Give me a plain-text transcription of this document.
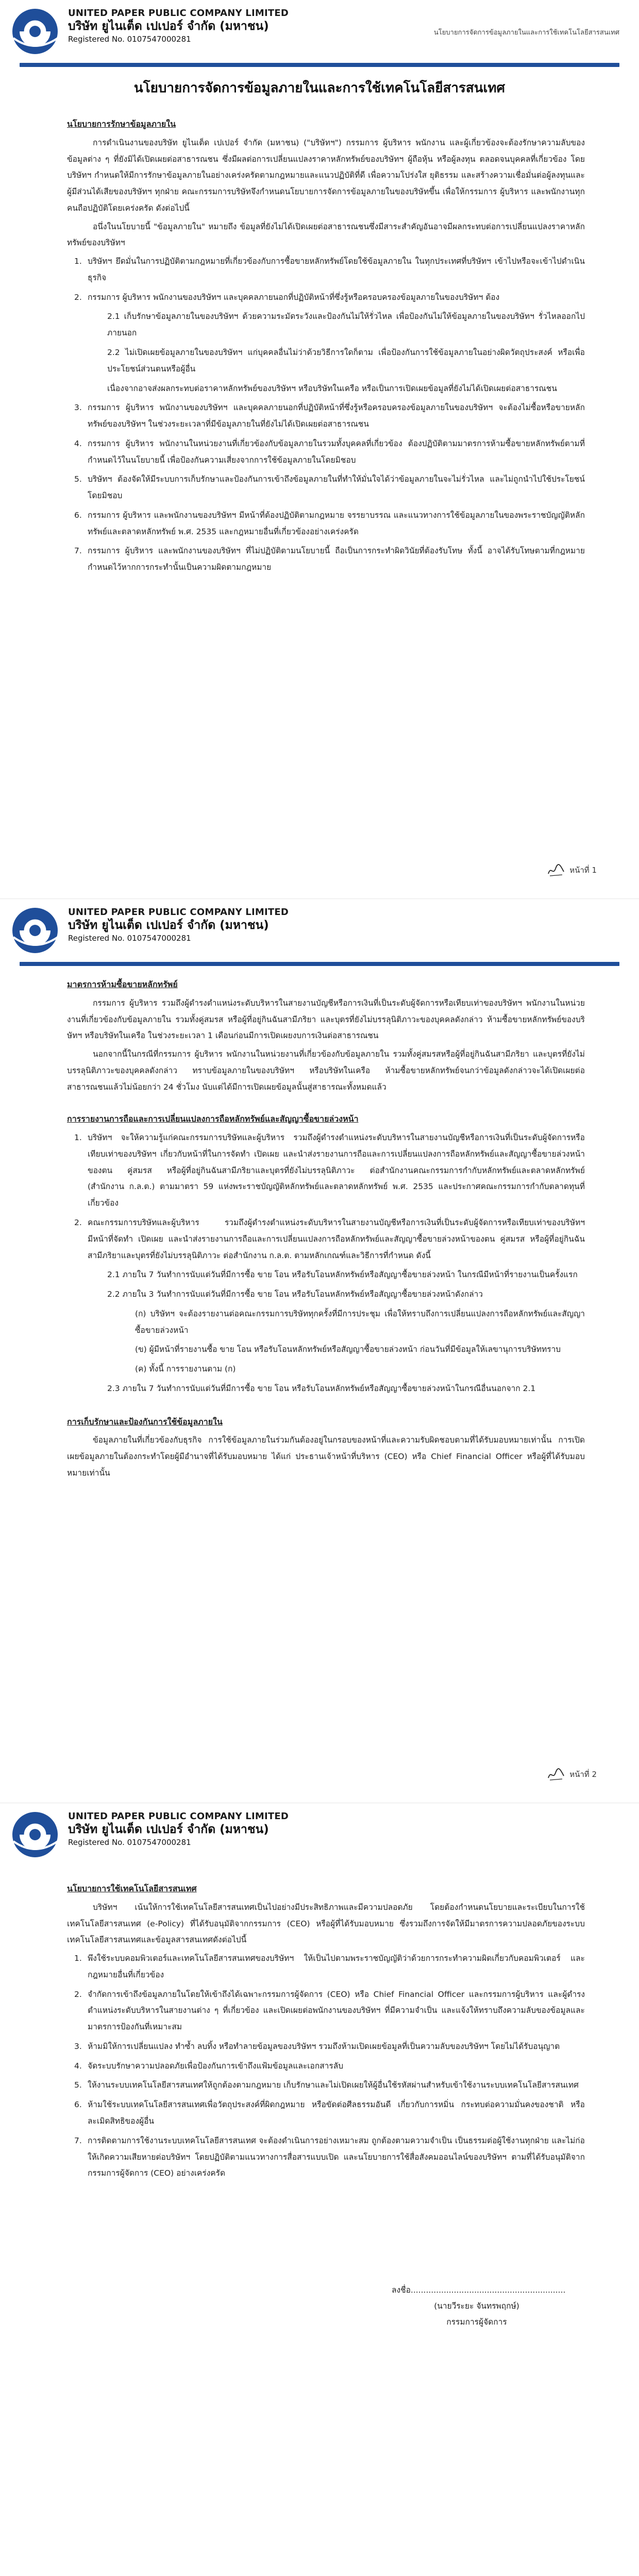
UNITED PAPER PUBLIC COMPANY LIMITED
บริษัท ยูไนเต็ด เปเปอร์ จำกัด (มหาชน)
Registered No. 0107547000281
นโยบายการจัดการข้อมูลภายในและการใช้เทคโนโลยีสารสนเทศ
นโยบายการจัดการข้อมูลภายในและการใช้เทคโนโลยีสารสนเทศ
นโยบายการรักษาข้อมูลภายใน

การดำเนินงานของบริษัท ยูไนเต็ด เปเปอร์ จำกัด (มหาชน) ("บริษัทฯ") กรรมการ ผู้บริหาร พนักงาน และผู้เกี่ยวข้องจะต้องรักษาความลับของข้อมูลต่าง ๆ ที่ยังมิได้เปิดเผยต่อสาธารณชน ซึ่งมีผลต่อการเปลี่ยนแปลงราคาหลักทรัพย์ของบริษัทฯ ผู้ถือหุ้น หรือผู้ลงทุน ตลอดจนบุคคลที่เกี่ยวข้อง โดยบริษัทฯ กำหนดให้มีการรักษาข้อมูลภายในอย่างเคร่งครัดตามกฎหมายและแนวปฏิบัติที่ดี เพื่อความโปร่งใส ยุติธรรม และสร้างความเชื่อมั่นต่อผู้ลงทุนและผู้มีส่วนได้เสียของบริษัทฯ ทุกฝ่าย คณะกรรมการบริษัทจึงกำหนดนโยบายการจัดการข้อมูลภายในของบริษัทขึ้น เพื่อให้กรรมการ ผู้บริหาร และพนักงานทุกคนถือปฏิบัติโดยเคร่งครัด ดังต่อไปนี้

อนึ่งในนโยบายนี้ "ข้อมูลภายใน" หมายถึง ข้อมูลที่ยังไม่ได้เปิดเผยต่อสาธารณชนซึ่งมีสาระสำคัญอันอาจมีผลกระทบต่อการเปลี่ยนแปลงราคาหลักทรัพย์ของบริษัทฯ

1. บริษัทฯ ยึดมั่นในการปฏิบัติตามกฎหมายที่เกี่ยวข้องกับการซื้อขายหลักทรัพย์โดยใช้ข้อมูลภายใน ในทุกประเทศที่บริษัทฯ เข้าไปหรือจะเข้าไปดำเนินธุรกิจ
2. กรรมการ ผู้บริหาร พนักงานของบริษัทฯ และบุคคลภายนอกที่ปฏิบัติหน้าที่ซึ่งรู้หรือครอบครองข้อมูลภายในของบริษัทฯ ต้อง

2.1 เก็บรักษาข้อมูลภายในของบริษัทฯ ด้วยความระมัดระวังและป้องกันไม่ให้รั่วไหล เพื่อป้องกันไม่ให้ข้อมูลภายในของบริษัทฯ รั่วไหลออกไปภายนอก

2.2 ไม่เปิดเผยข้อมูลภายในของบริษัทฯ แก่บุคคลอื่นไม่ว่าด้วยวิธีการใดก็ตาม เพื่อป้องกันการใช้ข้อมูลภายในอย่างผิดวัตถุประสงค์ หรือเพื่อประโยชน์ส่วนตนหรือผู้อื่น

เนื่องจากอาจส่งผลกระทบต่อราคาหลักทรัพย์ของบริษัทฯ หรือบริษัทในเครือ หรือเป็นการเปิดเผยข้อมูลที่ยังไม่ได้เปิดเผยต่อสาธารณชน

3. กรรมการ ผู้บริหาร พนักงานของบริษัทฯ และบุคคลภายนอกที่ปฏิบัติหน้าที่ซึ่งรู้หรือครอบครองข้อมูลภายในของบริษัทฯ จะต้องไม่ซื้อหรือขายหลักทรัพย์ของบริษัทฯ ในช่วงระยะเวลาที่มีข้อมูลภายในที่ยังไม่ได้เปิดเผยต่อสาธารณชน
4. กรรมการ ผู้บริหาร พนักงานในหน่วยงานที่เกี่ยวข้องกับข้อมูลภายในรวมทั้งบุคคลที่เกี่ยวข้อง ต้องปฏิบัติตามมาตรการห้ามซื้อขายหลักทรัพย์ตามที่กำหนดไว้ในนโยบายนี้ เพื่อป้องกันความเสี่ยงจากการใช้ข้อมูลภายในโดยมิชอบ
5. บริษัทฯ ต้องจัดให้มีระบบการเก็บรักษาและป้องกันการเข้าถึงข้อมูลภายในที่ทำให้มั่นใจได้ว่าข้อมูลภายในจะไม่รั่วไหล และไม่ถูกนำไปใช้ประโยชน์โดยมิชอบ
6. กรรมการ ผู้บริหาร และพนักงานของบริษัทฯ มีหน้าที่ต้องปฏิบัติตามกฎหมาย จรรยาบรรณ และแนวทางการใช้ข้อมูลภายในของพระราชบัญญัติหลักทรัพย์และตลาดหลักทรัพย์ พ.ศ. 2535 และกฎหมายอื่นที่เกี่ยวข้องอย่างเคร่งครัด
7. กรรมการ ผู้บริหาร และพนักงานของบริษัทฯ ที่ไม่ปฏิบัติตามนโยบายนี้ ถือเป็นการกระทำผิดวินัยที่ต้องรับโทษ ทั้งนี้ อาจได้รับโทษตามที่กฎหมายกำหนดไว้หากการกระทำนั้นเป็นความผิดตามกฎหมาย
หน้าที่ 1
UNITED PAPER PUBLIC COMPANY LIMITED
บริษัท ยูไนเต็ด เปเปอร์ จำกัด (มหาชน)
Registered No. 0107547000281
มาตรการห้ามซื้อขายหลักทรัพย์

กรรมการ ผู้บริหาร รวมถึงผู้ดำรงตำแหน่งระดับบริหารในสายงานบัญชีหรือการเงินที่เป็นระดับผู้จัดการหรือเทียบเท่าของบริษัทฯ พนักงานในหน่วยงานที่เกี่ยวข้องกับข้อมูลภายใน รวมทั้งคู่สมรส หรือผู้ที่อยู่กินฉันสามีภริยา และบุตรที่ยังไม่บรรลุนิติภาวะของบุคคลดังกล่าว ห้ามซื้อขายหลักทรัพย์ของบริษัทฯ หรือบริษัทในเครือ ในช่วงระยะเวลา 1 เดือนก่อนมีการเปิดเผยงบการเงินต่อสาธารณชน

นอกจากนี้ในกรณีที่กรรมการ ผู้บริหาร พนักงานในหน่วยงานที่เกี่ยวข้องกับข้อมูลภายใน รวมทั้งคู่สมรสหรือผู้ที่อยู่กินฉันสามีภริยา และบุตรที่ยังไม่บรรลุนิติภาวะของบุคคลดังกล่าว ทราบข้อมูลภายในของบริษัทฯ หรือบริษัทในเครือ ห้ามซื้อขายหลักทรัพย์จนกว่าข้อมูลดังกล่าวจะได้เปิดเผยต่อสาธารณชนแล้วไม่น้อยกว่า 24 ชั่วโมง นับแต่ได้มีการเปิดเผยข้อมูลนั้นสู่สาธารณะทั้งหมดแล้ว

การรายงานการถือและการเปลี่ยนแปลงการถือหลักทรัพย์และสัญญาซื้อขายล่วงหน้า
1. บริษัทฯ จะให้ความรู้แก่คณะกรรมการบริษัทและผู้บริหาร รวมถึงผู้ดำรงตำแหน่งระดับบริหารในสายงานบัญชีหรือการเงินที่เป็นระดับผู้จัดการหรือเทียบเท่าของบริษัทฯ เกี่ยวกับหน้าที่ในการจัดทำ เปิดเผย และนำส่งรายงานการถือและการเปลี่ยนแปลงการถือหลักทรัพย์และสัญญาซื้อขายล่วงหน้าของตน คู่สมรส หรือผู้ที่อยู่กินฉันสามีภริยาและบุตรที่ยังไม่บรรลุนิติภาวะ ต่อสำนักงานคณะกรรมการกำกับหลักทรัพย์และตลาดหลักทรัพย์ (สำนักงาน ก.ล.ต.) ตามมาตรา 59 แห่งพระราชบัญญัติหลักทรัพย์และตลาดหลักทรัพย์ พ.ศ. 2535 และประกาศคณะกรรมการกำกับตลาดทุนที่เกี่ยวข้อง
2. คณะกรรมการบริษัทและผู้บริหาร รวมถึงผู้ดำรงตำแหน่งระดับบริหารในสายงานบัญชีหรือการเงินที่เป็นระดับผู้จัดการหรือเทียบเท่าของบริษัทฯ มีหน้าที่จัดทำ เปิดเผย และนำส่งรายงานการถือและการเปลี่ยนแปลงการถือหลักทรัพย์และสัญญาซื้อขายล่วงหน้าของตน คู่สมรส หรือผู้ที่อยู่กินฉันสามีภริยาและบุตรที่ยังไม่บรรลุนิติภาวะ ต่อสำนักงาน ก.ล.ต. ตามหลักเกณฑ์และวิธีการที่กำหนด ดังนี้

2.1 ภายใน 7 วันทำการนับแต่วันที่มีการซื้อ ขาย โอน หรือรับโอนหลักทรัพย์หรือสัญญาซื้อขายล่วงหน้า ในกรณีมีหน้าที่รายงานเป็นครั้งแรก

2.2 ภายใน 3 วันทำการนับแต่วันที่มีการซื้อ ขาย โอน หรือรับโอนหลักทรัพย์หรือสัญญาซื้อขายล่วงหน้าดังกล่าว

(ก) บริษัทฯ จะต้องรายงานต่อคณะกรรมการบริษัททุกครั้งที่มีการประชุม เพื่อให้ทราบถึงการเปลี่ยนแปลงการถือหลักทรัพย์และสัญญาซื้อขายล่วงหน้า

(ข) ผู้มีหน้าที่รายงานซื้อ ขาย โอน หรือรับโอนหลักทรัพย์หรือสัญญาซื้อขายล่วงหน้า ก่อนวันที่มีข้อมูลให้เลขานุการบริษัททราบ

(ค) ทั้งนี้ การรายงานตาม (ก)

2.3 ภายใน 7 วันทำการนับแต่วันที่มีการซื้อ ขาย โอน หรือรับโอนหลักทรัพย์หรือสัญญาซื้อขายล่วงหน้าในกรณีอื่นนอกจาก 2.1

การเก็บรักษาและป้องกันการใช้ข้อมูลภายใน

ข้อมูลภายในที่เกี่ยวข้องกับธุรกิจ การใช้ข้อมูลภายในร่วมกันต้องอยู่ในกรอบของหน้าที่และความรับผิดชอบตามที่ได้รับมอบหมายเท่านั้น การเปิดเผยข้อมูลภายในต้องกระทำโดยผู้มีอำนาจที่ได้รับมอบหมาย ได้แก่ ประธานเจ้าหน้าที่บริหาร (CEO) หรือ Chief Financial Officer หรือผู้ที่ได้รับมอบหมายเท่านั้น

หน้าที่ 2
UNITED PAPER PUBLIC COMPANY LIMITED
บริษัท ยูไนเต็ด เปเปอร์ จำกัด (มหาชน)
Registered No. 0107547000281
นโยบายการใช้เทคโนโลยีสารสนเทศ

บริษัทฯ เน้นให้การใช้เทคโนโลยีสารสนเทศเป็นไปอย่างมีประสิทธิภาพและมีความปลอดภัย โดยต้องกำหนดนโยบายและระเบียบในการใช้เทคโนโลยีสารสนเทศ (e-Policy) ที่ได้รับอนุมัติจากกรรมการ (CEO) หรือผู้ที่ได้รับมอบหมาย ซึ่งรวมถึงการจัดให้มีมาตรการความปลอดภัยของระบบเทคโนโลยีสารสนเทศและข้อมูลสารสนเทศดังต่อไปนี้

1. พึงใช้ระบบคอมพิวเตอร์และเทคโนโลยีสารสนเทศของบริษัทฯ ให้เป็นไปตามพระราชบัญญัติว่าด้วยการกระทำความผิดเกี่ยวกับคอมพิวเตอร์ และกฎหมายอื่นที่เกี่ยวข้อง
2. จำกัดการเข้าถึงข้อมูลภายในโดยให้เข้าถึงได้เฉพาะกรรมการผู้จัดการ (CEO) หรือ Chief Financial Officer และกรรมการผู้บริหาร และผู้ดำรงตำแหน่งระดับบริหารในสายงานต่าง ๆ ที่เกี่ยวข้อง และเปิดเผยต่อพนักงานของบริษัทฯ ที่มีความจำเป็น และแจ้งให้ทราบถึงความลับของข้อมูลและมาตรการป้องกันที่เหมาะสม
3. ห้ามมิให้การเปลี่ยนแปลง ทำซ้ำ ลบทิ้ง หรือทำลายข้อมูลของบริษัทฯ รวมถึงห้ามเปิดเผยข้อมูลที่เป็นความลับของบริษัทฯ โดยไม่ได้รับอนุญาต
4. จัดระบบรักษาความปลอดภัยเพื่อป้องกันการเข้าถึงแฟ้มข้อมูลและเอกสารลับ
5. ให้งานระบบเทคโนโลยีสารสนเทศให้ถูกต้องตามกฎหมาย เก็บรักษาและไม่เปิดเผยให้ผู้อื่นใช้รหัสผ่านสำหรับเข้าใช้งานระบบเทคโนโลยีสารสนเทศ
6. ห้ามใช้ระบบเทคโนโลยีสารสนเทศเพื่อวัตถุประสงค์ที่ผิดกฎหมาย หรือขัดต่อศีลธรรมอันดี เกี่ยวกับการหมิ่น กระทบต่อความมั่นคงของชาติ หรือละเมิดสิทธิของผู้อื่น
7. การติดตามการใช้งานระบบเทคโนโลยีสารสนเทศ จะต้องดำเนินการอย่างเหมาะสม ถูกต้องตามความจำเป็น เป็นธรรมต่อผู้ใช้งานทุกฝ่าย และไม่ก่อให้เกิดความเสียหายต่อบริษัทฯ โดยปฏิบัติตามแนวทางการสื่อสารแบบเปิด และนโยบายการใช้สื่อสังคมออนไลน์ของบริษัทฯ ตามที่ได้รับอนุมัติจากกรรมการผู้จัดการ (CEO) อย่างเคร่งครัด
ลงชื่อ.............................................................
(นายวีระยะ จันทรพฤกษ์)
กรรมการผู้จัดการ
